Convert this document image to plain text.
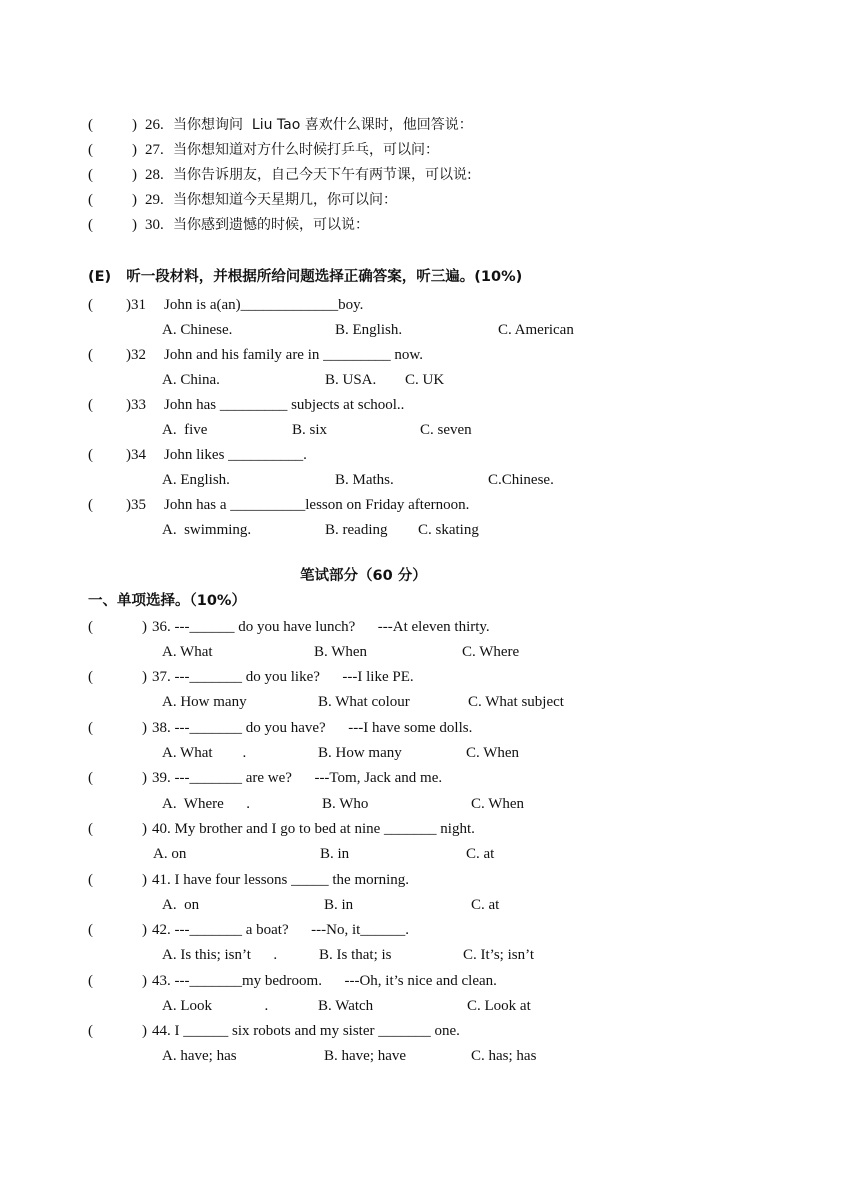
(	) 26. 当你想询问  Liu Tao 喜欢什么课时，他回答说：
(	) 27. 当你想知道对方什么时候打乒乓，可以问：
(	) 28. 当你告诉朋友，自己今天下午有两节课，可以说:
(	) 29. 当你想知道今天星期几，你可以问：
(	) 30. 当你感到遗憾的时候，可以说：
(E)   听一段材料，并根据所给问题选择正确答案，听三遍。(10%)
( )31 John is a(an)_____________boy.
A. Chinese.	B. English.	C. American
( )32 John and his family are in _________ now.
A. China.	B. USA. C. UK
( )33 John has _________ subjects at school..
A.  five	B. six	C. seven
( )34 John likes __________.
A. English.	B. Maths.	C.Chinese.
( )35 John has a __________lesson on Friday afternoon.
A.  swimming.	B. reading C. skating
笔试部分（60 分）
一、单项选择。（10%）
(	) 36. ---______ do you have lunch?      ---At eleven thirty.
A. What	B. When	C. Where
(	) 37. ---_______ do you like?      ---I like PE.
A. How many	B. What colour	C. What subject
(	) 38. ---_______ do you have?      ---I have some dolls.
A. What        .	B. How many	C. When
(	) 39. ---_______ are we?      ---Tom, Jack and me.
A.  Where      .	B. Who	C. When
(	) 40. My brother and I go to bed at nine _______ night.
A. on	B. in	C. at
(	) 41. I have four lessons _____ the morning.
A.  on	B. in	C. at
(	) 42. ---_______ a boat?      ---No, it______.
A. Is this; isn’t      .	B. Is that; is	C. It’s; isn’t
(	) 43. ---_______my bedroom.      ---Oh, it’s nice and clean.
A. Look              .	B. Watch	C. Look at
(	) 44. I ______ six robots and my sister _______ one.
A. have; has	B. have; have	C. has; has
